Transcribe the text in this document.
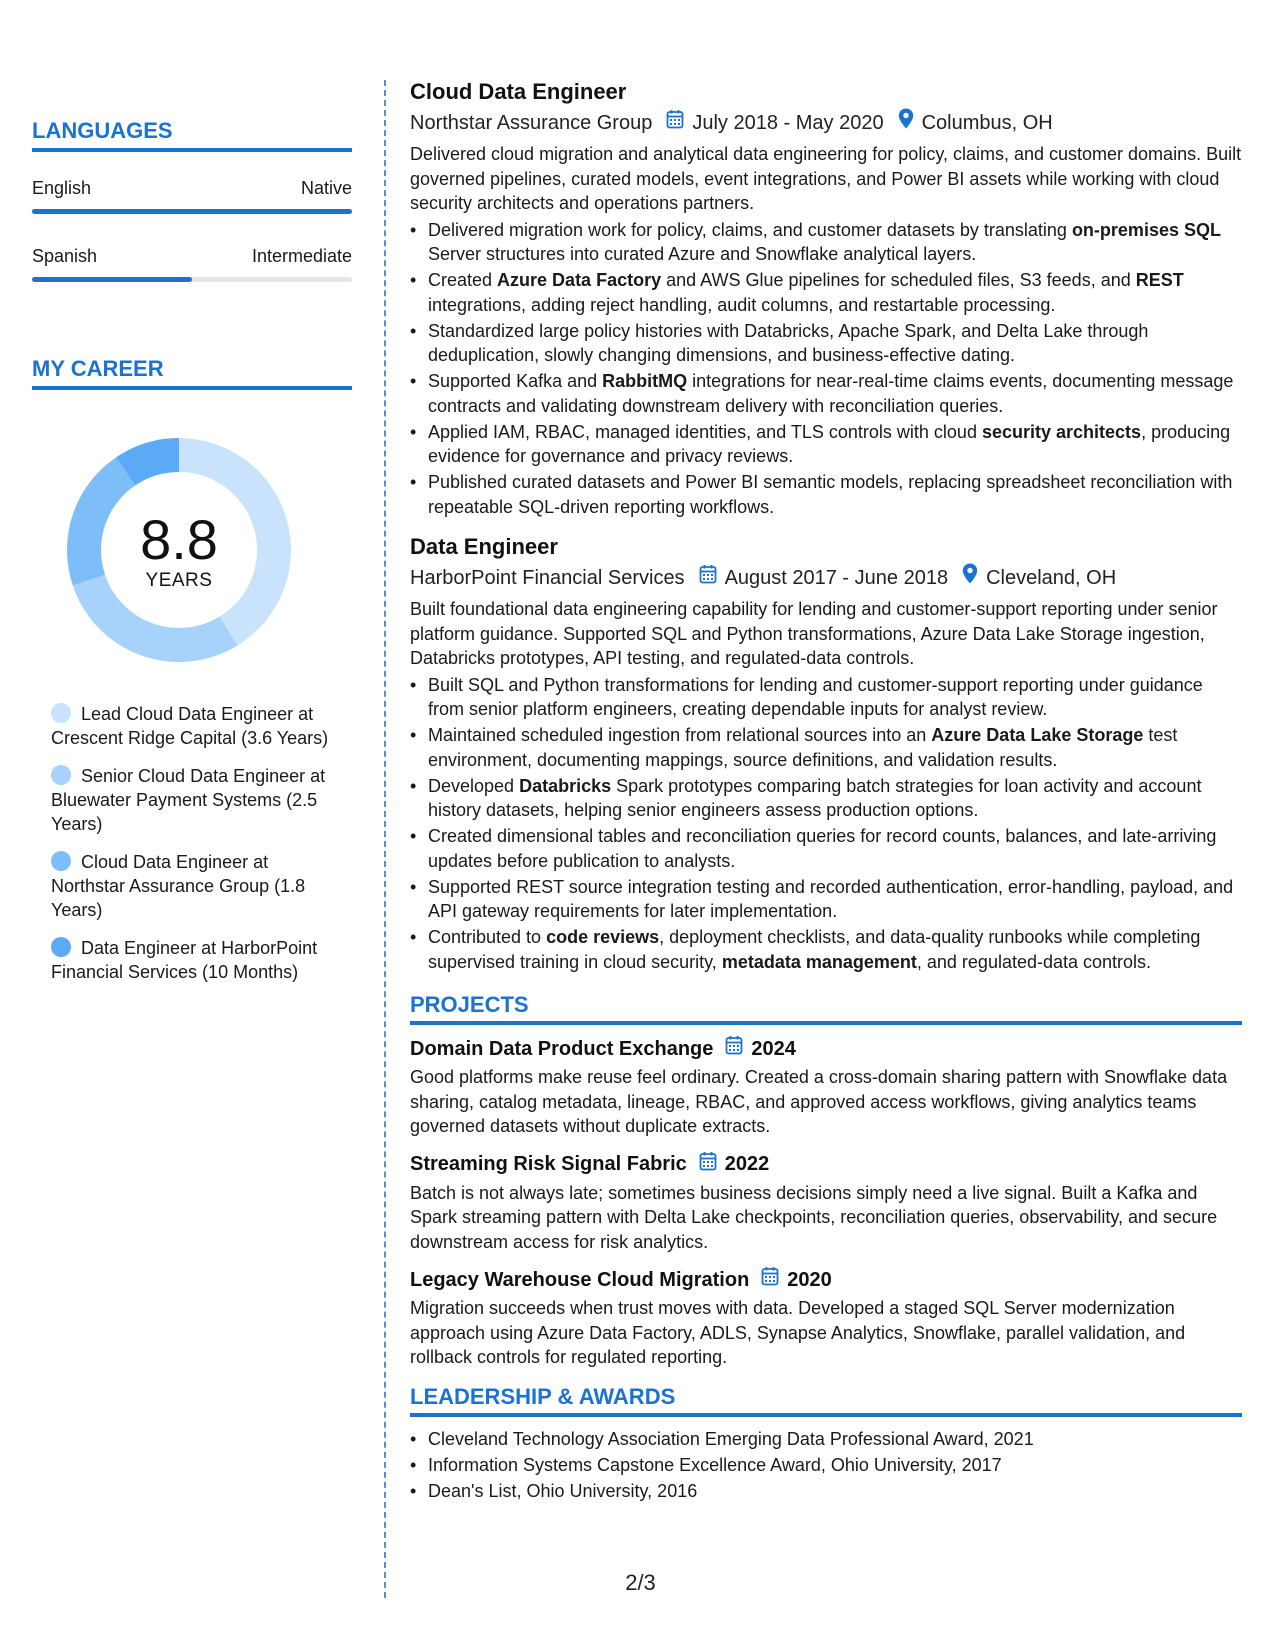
LANGUAGES
English	Native
Spanish	Intermediate
MY CAREER
8.8
YEARS
Lead Cloud Data Engineer at Crescent Ridge Capital (3.6 Years)
Senior Cloud Data Engineer at Bluewater Payment Systems (2.5 Years)
Cloud Data Engineer at Northstar Assurance Group (1.8 Years)
Data Engineer at HarborPoint Financial Services (10 Months)
Cloud Data Engineer
Northstar Assurance Group July 2018 - May 2020 Columbus, OH
Delivered cloud migration and analytical data engineering for policy, claims, and customer domains. Built governed pipelines, curated models, event integrations, and Power BI assets while working with cloud security architects and operations partners.
• Delivered migration work for policy, claims, and customer datasets by translating on-premises SQL Server structures into curated Azure and Snowflake analytical layers.
• Created Azure Data Factory and AWS Glue pipelines for scheduled files, S3 feeds, and REST integrations, adding reject handling, audit columns, and restartable processing.
• Standardized large policy histories with Databricks, Apache Spark, and Delta Lake through deduplication, slowly changing dimensions, and business-effective dating.
• Supported Kafka and RabbitMQ integrations for near-real-time claims events, documenting message contracts and validating downstream delivery with reconciliation queries.
• Applied IAM, RBAC, managed identities, and TLS controls with cloud security architects, producing evidence for governance and privacy reviews.
• Published curated datasets and Power BI semantic models, replacing spreadsheet reconciliation with repeatable SQL-driven reporting workflows.
Data Engineer
HarborPoint Financial Services August 2017 - June 2018 Cleveland, OH
Built foundational data engineering capability for lending and customer-support reporting under senior platform guidance. Supported SQL and Python transformations, Azure Data Lake Storage ingestion, Databricks prototypes, API testing, and regulated-data controls.
• Built SQL and Python transformations for lending and customer-support reporting under guidance from senior platform engineers, creating dependable inputs for analyst review.
• Maintained scheduled ingestion from relational sources into an Azure Data Lake Storage test environment, documenting mappings, source definitions, and validation results.
• Developed Databricks Spark prototypes comparing batch strategies for loan activity and account history datasets, helping senior engineers assess production options.
• Created dimensional tables and reconciliation queries for record counts, balances, and late-arriving updates before publication to analysts.
• Supported REST source integration testing and recorded authentication, error-handling, payload, and API gateway requirements for later implementation.
• Contributed to code reviews, deployment checklists, and data-quality runbooks while completing supervised training in cloud security, metadata management, and regulated-data controls.
PROJECTS
Domain Data Product Exchange 2024
Good platforms make reuse feel ordinary. Created a cross-domain sharing pattern with Snowflake data sharing, catalog metadata, lineage, RBAC, and approved access workflows, giving analytics teams governed datasets without duplicate extracts.
Streaming Risk Signal Fabric 2022
Batch is not always late; sometimes business decisions simply need a live signal. Built a Kafka and Spark streaming pattern with Delta Lake checkpoints, reconciliation queries, observability, and secure downstream access for risk analytics.
Legacy Warehouse Cloud Migration 2020
Migration succeeds when trust moves with data. Developed a staged SQL Server modernization approach using Azure Data Factory, ADLS, Synapse Analytics, Snowflake, parallel validation, and rollback controls for regulated reporting.
LEADERSHIP & AWARDS
• Cleveland Technology Association Emerging Data Professional Award, 2021
• Information Systems Capstone Excellence Award, Ohio University, 2017
• Dean's List, Ohio University, 2016
2/3
